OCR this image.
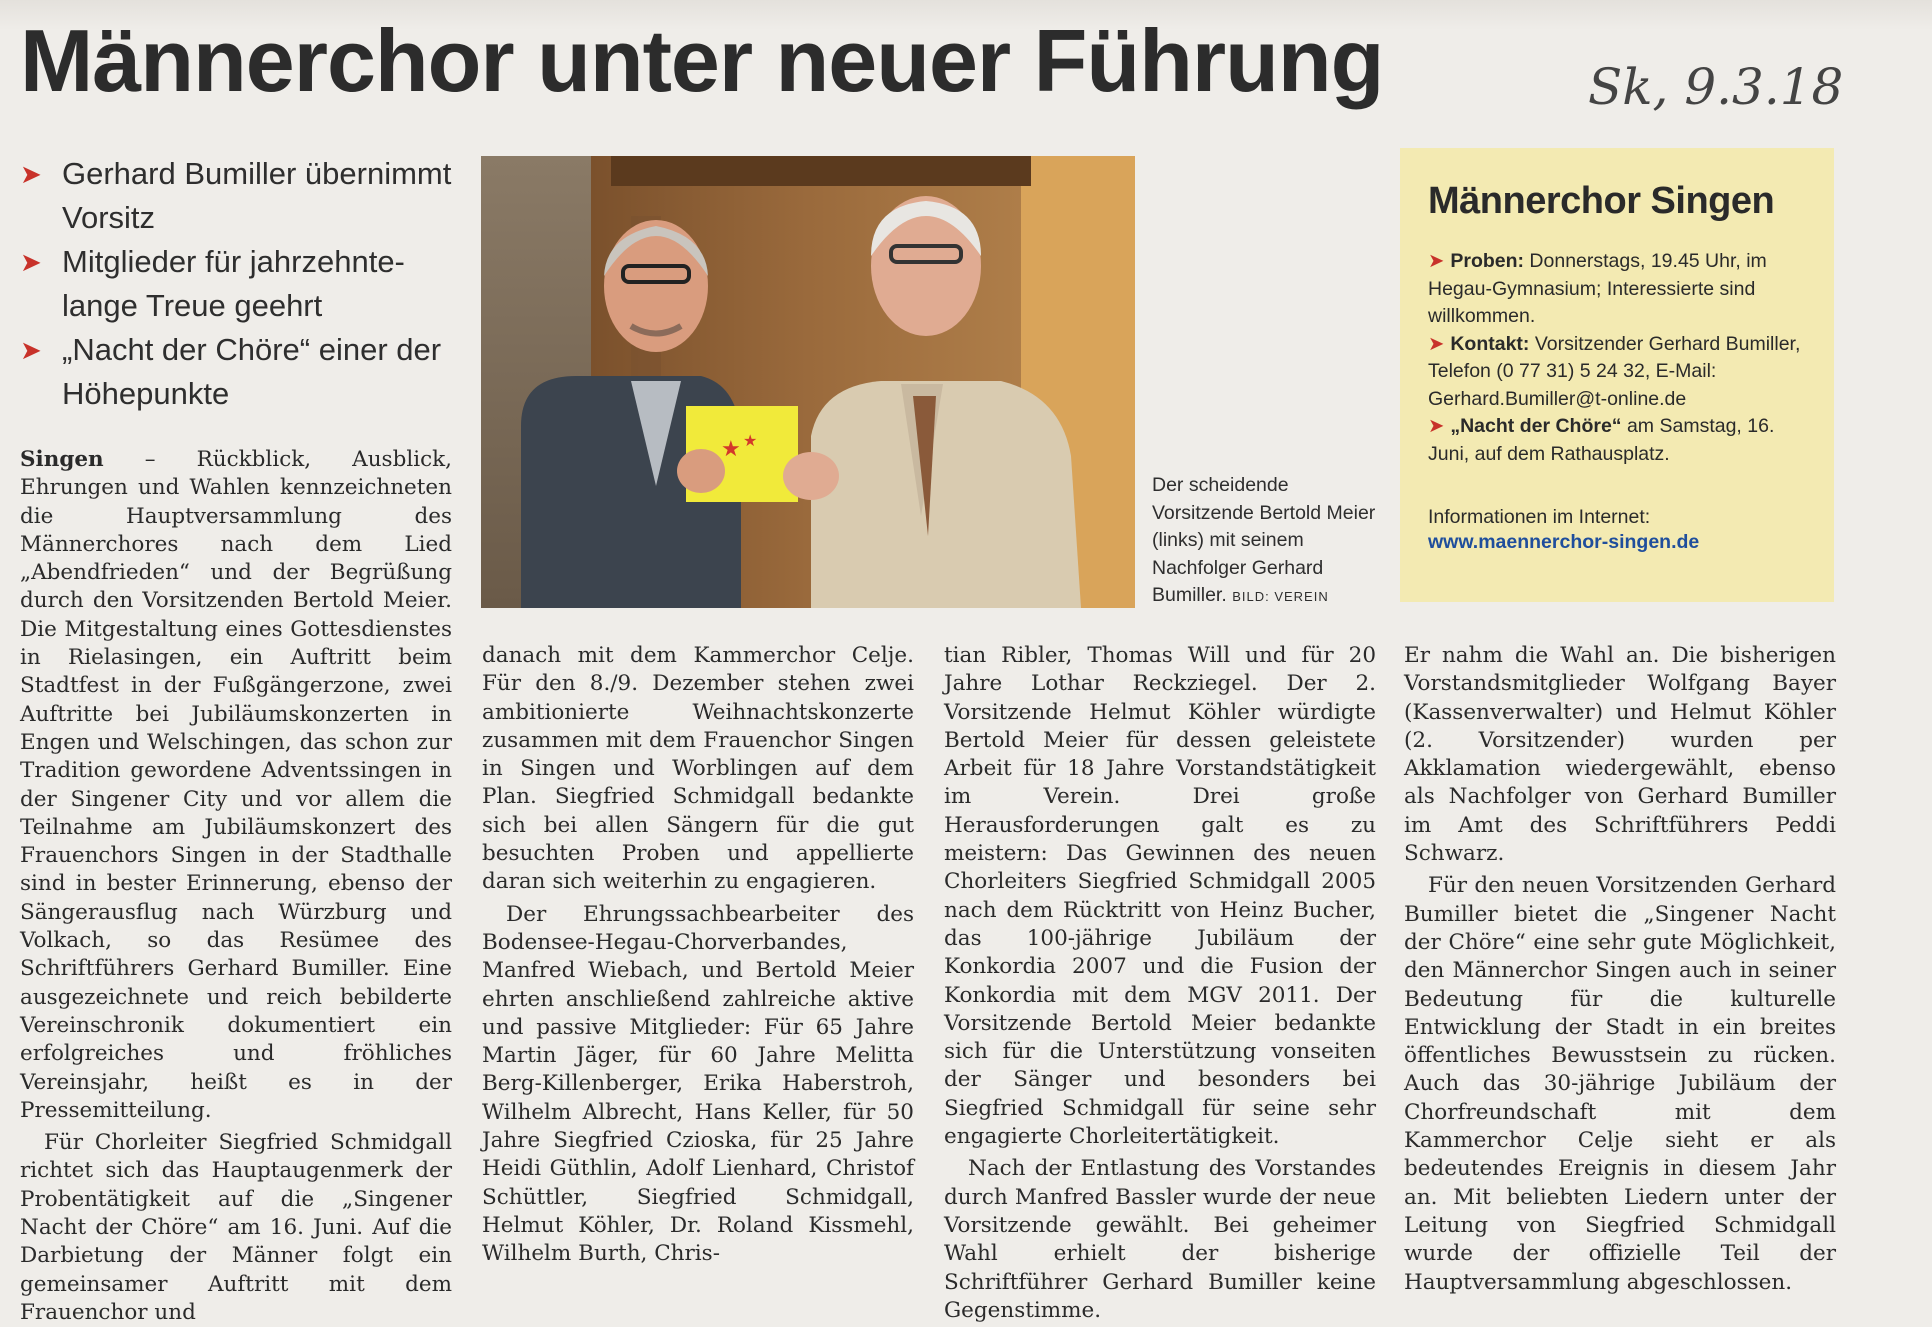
Männerchor unter neuer Führung	Sk, 9.3.18
➤ Gerhard Bumiller übernimmt Vorsitz
➤ Mitglieder für jahrzehnte-lange Treue geehrt
➤ „Nacht der Chöre“ einer der Höhepunkte

Singen – Rückblick, Ausblick, Ehrungen und Wahlen kennzeichneten die Hauptversammlung des Männerchores nach dem Lied „Abendfrieden“ und der Begrüßung durch den Vorsitzenden Bertold Meier. Die Mitgestaltung eines Gottesdienstes in Rielasingen, ein Auftritt beim Stadtfest in der Fußgängerzone, zwei Auftritte bei Jubiläumskonzerten in Engen und Welschingen, das schon zur Tradition gewordene Adventssingen in der Singener City und vor allem die Teilnahme am Jubiläumskonzert des Frauenchors Singen in der Stadthalle sind in bester Erinnerung, ebenso der Sängerausflug nach Würzburg und Volkach, so das Resümee des Schriftführers Gerhard Bumiller. Eine ausgezeichnete und reich bebilderte Vereinschronik dokumentiert ein erfolgreiches und fröhliches Vereinsjahr, heißt es in der Pressemitteilung.

Für Chorleiter Siegfried Schmidgall richtet sich das Hauptaugenmerk der Probentätigkeit auf die „Singener Nacht der Chöre“ am 16. Juni. Auf die Darbietung der Männer folgt ein gemeinsamer Auftritt mit dem Frauenchor und

danach mit dem Kammerchor Celje. Für den 8./9. Dezember stehen zwei ambitionierte Weihnachtskonzerte zusammen mit dem Frauenchor Singen in Singen und Worblingen auf dem Plan. Siegfried Schmidgall bedankte sich bei allen Sängern für die gut besuchten Proben und appellierte daran sich weiterhin zu engagieren.

Der Ehrungssachbearbeiter des Bodensee-Hegau-Chorverbandes, Manfred Wiebach, und Bertold Meier ehrten anschließend zahlreiche aktive und passive Mitglieder: Für 65 Jahre Martin Jäger, für 60 Jahre Melitta Berg-Killenberger, Erika Haberstroh, Wilhelm Albrecht, Hans Keller, für 50 Jahre Siegfried Czioska, für 25 Jahre Heidi Güthlin, Adolf Lienhard, Christof Schüttler, Siegfried Schmidgall, Helmut Köhler, Dr. Roland Kissmehl, Wilhelm Burth, Chris-

tian Ribler, Thomas Will und für 20 Jahre Lothar Reckziegel. Der 2. Vorsitzende Helmut Köhler würdigte Bertold Meier für dessen geleistete Arbeit für 18 Jahre Vorstandstätigkeit im Verein. Drei große Herausforderungen galt es zu meistern: Das Gewinnen des neuen Chorleiters Siegfried Schmidgall 2005 nach dem Rücktritt von Heinz Bucher, das 100-jährige Jubiläum der Konkordia 2007 und die Fusion der Konkordia mit dem MGV 2011. Der Vorsitzende Bertold Meier bedankte sich für die Unterstützung vonseiten der Sänger und besonders bei Siegfried Schmidgall für seine sehr engagierte Chorleitertätigkeit.

Nach der Entlastung des Vorstandes durch Manfred Bassler wurde der neue Vorsitzende gewählt. Bei geheimer Wahl erhielt der bisherige Schriftführer Gerhard Bumiller keine Gegenstimme.

Er nahm die Wahl an. Die bisherigen Vorstandsmitglieder Wolfgang Bayer (Kassenverwalter) und Helmut Köhler (2. Vorsitzender) wurden per Akklamation wiedergewählt, ebenso als Nachfolger von Gerhard Bumiller im Amt des Schriftführers Peddi Schwarz.

Für den neuen Vorsitzenden Gerhard Bumiller bietet die „Singener Nacht der Chöre“ eine sehr gute Möglichkeit, den Männerchor Singen auch in seiner Bedeutung für die kulturelle Entwicklung der Stadt in ein breites öffentliches Bewusstsein zu rücken. Auch das 30-jährige Jubiläum der Chorfreundschaft mit dem Kammerchor Celje sieht er als bedeutendes Ereignis in diesem Jahr an. Mit beliebten Liedern unter der Leitung von Siegfried Schmidgall wurde der offizielle Teil der Hauptversammlung abgeschlossen.

★ ★
Der scheidende Vorsitzende Bertold Meier (links) mit seinem Nachfolger Gerhard Bumiller. BILD: VEREIN
Männerchor Singen
➤ Proben: Donnerstags, 19.45 Uhr, im Hegau-Gymnasium; Interessierte sind willkommen.
➤ Kontakt: Vorsitzender Gerhard Bumiller, Telefon (0 77 31) 5 24 32, E-Mail: Gerhard.Bumiller@t-online.de
➤ „Nacht der Chöre“ am Samstag, 16. Juni, auf dem Rathausplatz.
Informationen im Internet:
www.maennerchor-singen.de
